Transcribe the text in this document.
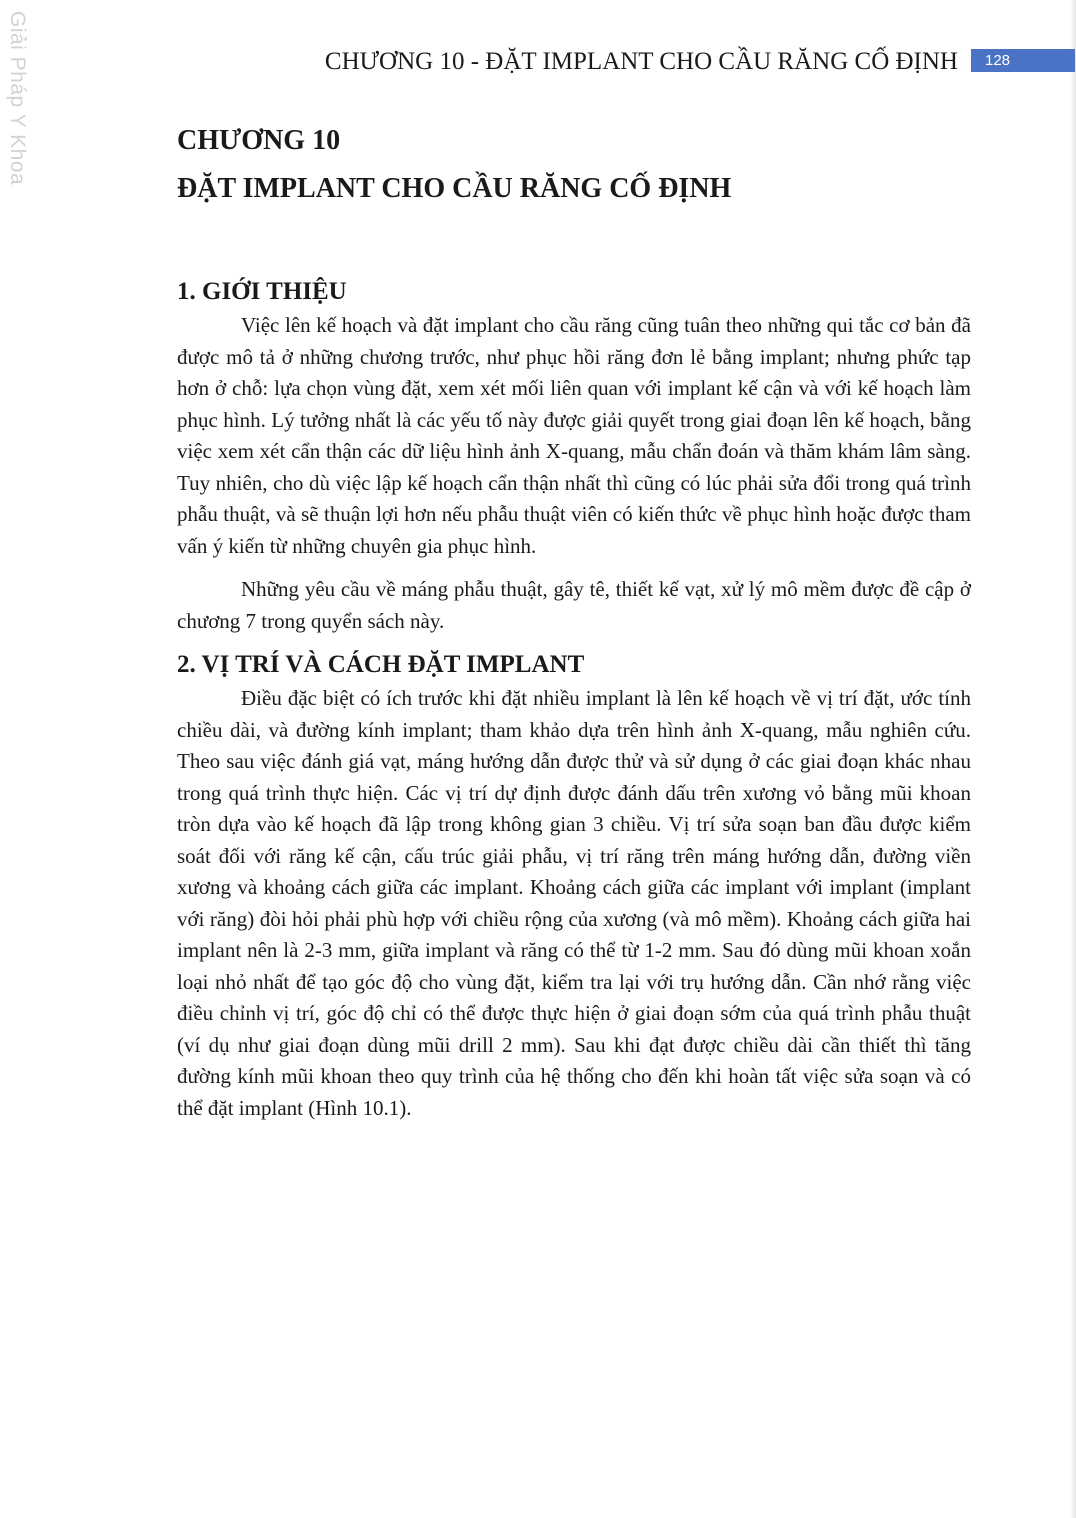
Giải Pháp Y Khoa	CHƯƠNG 10 - ĐẶT IMPLANT CHO CẦU RĂNG CỐ ĐỊNH	128
CHƯƠNG 10
ĐẶT IMPLANT CHO CẦU RĂNG CỐ ĐỊNH
1. GIỚI THIỆU

Việc lên kế hoạch và đặt implant cho cầu răng cũng tuân theo những qui tắc cơ bản đã được mô tả ở những chương trước, như phục hồi răng đơn lẻ bằng implant; nhưng phức tạp hơn ở chỗ: lựa chọn vùng đặt, xem xét mối liên quan với implant kế cận và với kế hoạch làm phục hình. Lý tưởng nhất là các yếu tố này được giải quyết trong giai đoạn lên kế hoạch, bằng việc xem xét cẩn thận các dữ liệu hình ảnh X-quang, mẫu chẩn đoán và thăm khám lâm sàng. Tuy nhiên, cho dù việc lập kế hoạch cẩn thận nhất thì cũng có lúc phải sửa đổi trong quá trình phẫu thuật, và sẽ thuận lợi hơn nếu phẫu thuật viên có kiến thức về phục hình hoặc được tham vấn ý kiến từ những chuyên gia phục hình.

Những yêu cầu về máng phẫu thuật, gây tê, thiết kế vạt, xử lý mô mềm được đề cập ở chương 7 trong quyển sách này.

2. VỊ TRÍ VÀ CÁCH ĐẶT IMPLANT

Điều đặc biệt có ích trước khi đặt nhiều implant là lên kế hoạch về vị trí đặt, ước tính chiều dài, và đường kính implant; tham khảo dựa trên hình ảnh X-quang, mẫu nghiên cứu. Theo sau việc đánh giá vạt, máng hướng dẫn được thử và sử dụng ở các giai đoạn khác nhau trong quá trình thực hiện. Các vị trí dự định được đánh dấu trên xương vỏ bằng mũi khoan tròn dựa vào kế hoạch đã lập trong không gian 3 chiều. Vị trí sửa soạn ban đầu được kiểm soát đối với răng kế cận, cấu trúc giải phẫu, vị trí răng trên máng hướng dẫn, đường viền xương và khoảng cách giữa các implant. Khoảng cách giữa các implant với implant (implant với răng) đòi hỏi phải phù hợp với chiều rộng của xương (và mô mềm). Khoảng cách giữa hai implant nên là 2-3 mm, giữa implant và răng có thể từ 1-2 mm. Sau đó dùng mũi khoan xoắn loại nhỏ nhất để tạo góc độ cho vùng đặt, kiểm tra lại với trụ hướng dẫn. Cần nhớ rằng việc điều chỉnh vị trí, góc độ chỉ có thể được thực hiện ở giai đoạn sớm của quá trình phẫu thuật (ví dụ như giai đoạn dùng mũi drill 2 mm). Sau khi đạt được chiều dài cần thiết thì tăng đường kính mũi khoan theo quy trình của hệ thống cho đến khi hoàn tất việc sửa soạn và có thể đặt implant (Hình 10.1).
